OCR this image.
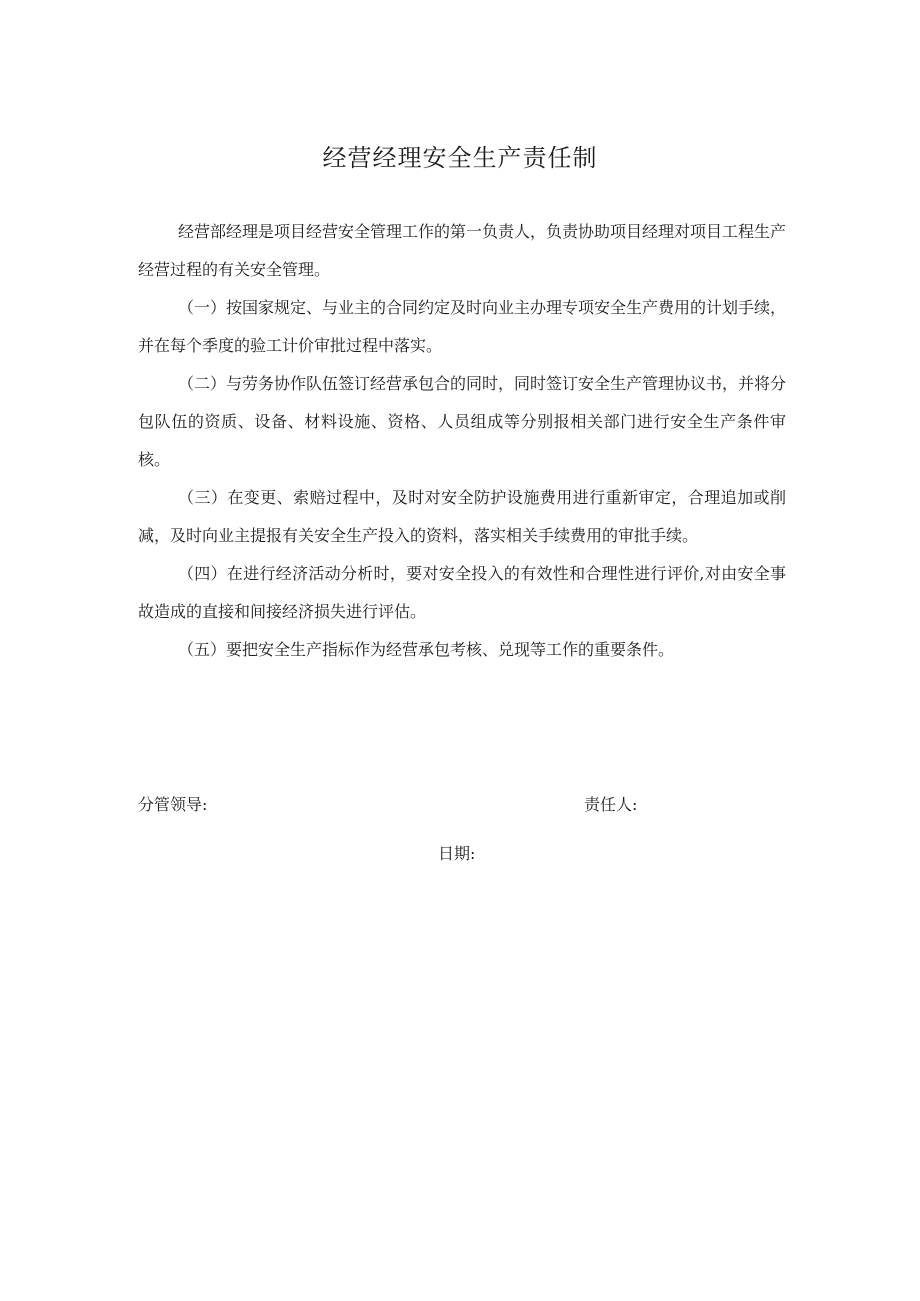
经营经理安全生产责任制

经营部经理是项目经营安全管理工作的第一负责人，负责协助项目经理对项目工程生产经营过程的有关安全管理。

（一）按国家规定、与业主的合同约定及时向业主办理专项安全生产费用的计划手续，并在每个季度的验工计价审批过程中落实。

（二）与劳务协作队伍签订经营承包合的同时，同时签订安全生产管理协议书，并将分包队伍的资质、设备、材料设施、资格、人员组成等分别报相关部门进行安全生产条件审核。

（三）在变更、索赔过程中，及时对安全防护设施费用进行重新审定，合理追加或削减，及时向业主提报有关安全生产投入的资料，落实相关手续费用的审批手续。

（四）在进行经济活动分析时，要对安全投入的有效性和合理性进行评价,对由安全事故造成的直接和间接经济损失进行评估。

（五）要把安全生产指标作为经营承包考核、兑现等工作的重要条件。

分管领导:	责任人:
日期:
